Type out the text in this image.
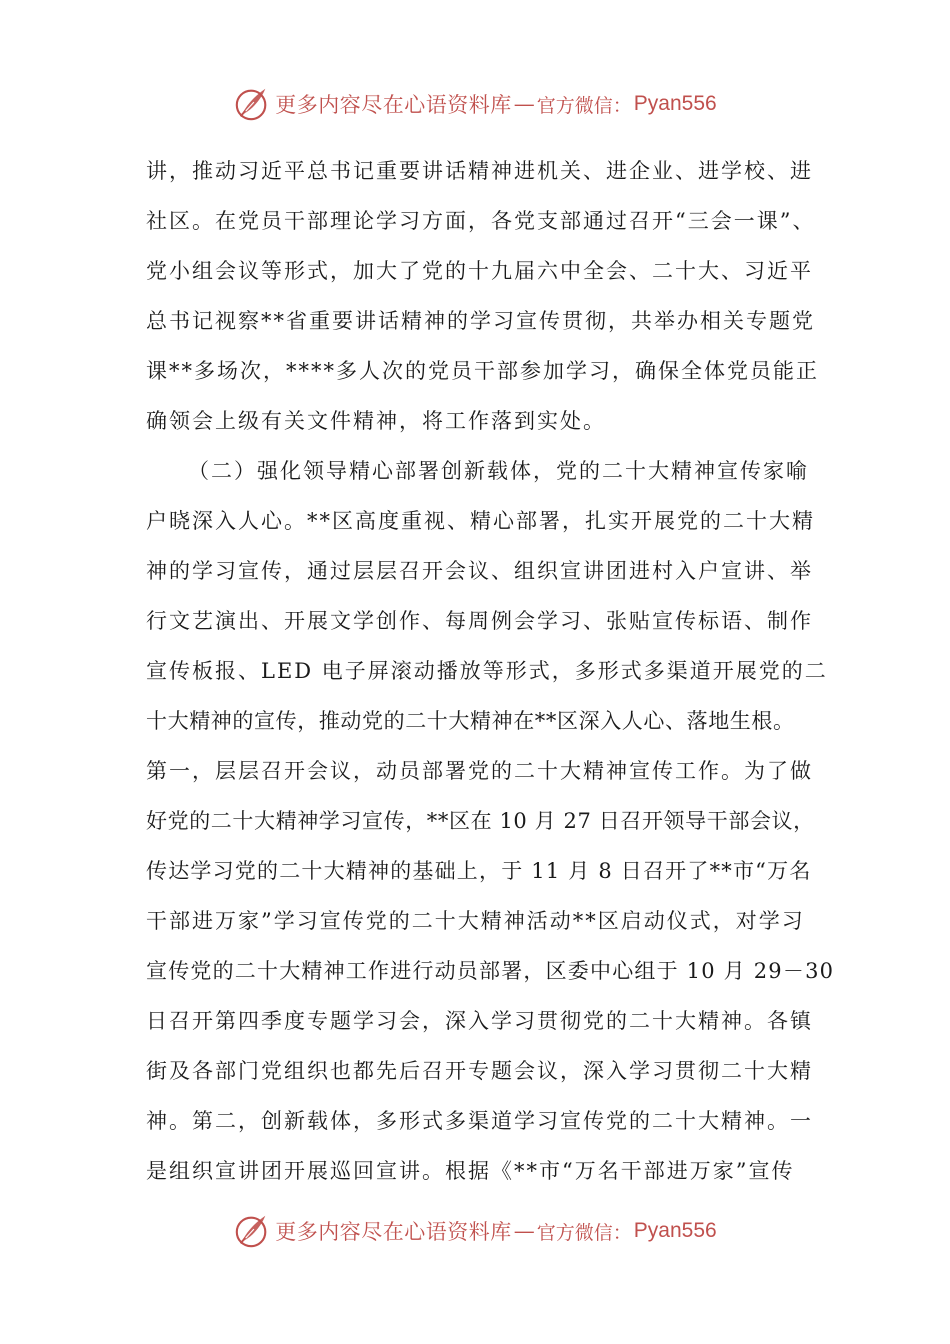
更多内容尽在心语资料库 — 官方微信： Pyan556
讲，推动习近平总书记重要讲话精神进机关、进企业、进学校、进
社区。在党员干部理论学习方面，各党支部通过召开“三会一课”、
党小组会议等形式，加大了党的十九届六中全会、二十大、习近平
总书记视察**省重要讲话精神的学习宣传贯彻，共举办相关专题党
课**多场次，****多人次的党员干部参加学习，确保全体党员能正
确领会上级有关文件精神，将工作落到实处。
（二）强化领导精心部署创新载体，党的二十大精神宣传家喻
户晓深入人心。**区高度重视、精心部署，扎实开展党的二十大精
神的学习宣传，通过层层召开会议、组织宣讲团进村入户宣讲、举
行文艺演出、开展文学创作、每周例会学习、张贴宣传标语、制作
宣传板报、LED 电子屏滚动播放等形式，多形式多渠道开展党的二
十大精神的宣传，推动党的二十大精神在**区深入人心、落地生根。
第一，层层召开会议，动员部署党的二十大精神宣传工作。为了做
好党的二十大精神学习宣传，**区在 10 月 27 日召开领导干部会议，
传达学习党的二十大精神的基础上，于 11 月 8 日召开了**市“万名
干部进万家”学习宣传党的二十大精神活动**区启动仪式，对学习
宣传党的二十大精神工作进行动员部署，区委中心组于 10 月 29－30
日召开第四季度专题学习会，深入学习贯彻党的二十大精神。各镇
街及各部门党组织也都先后召开专题会议，深入学习贯彻二十大精
神。第二，创新载体，多形式多渠道学习宣传党的二十大精神。一
是组织宣讲团开展巡回宣讲。根据《**市“万名干部进万家”宣传
更多内容尽在心语资料库 — 官方微信： Pyan556
